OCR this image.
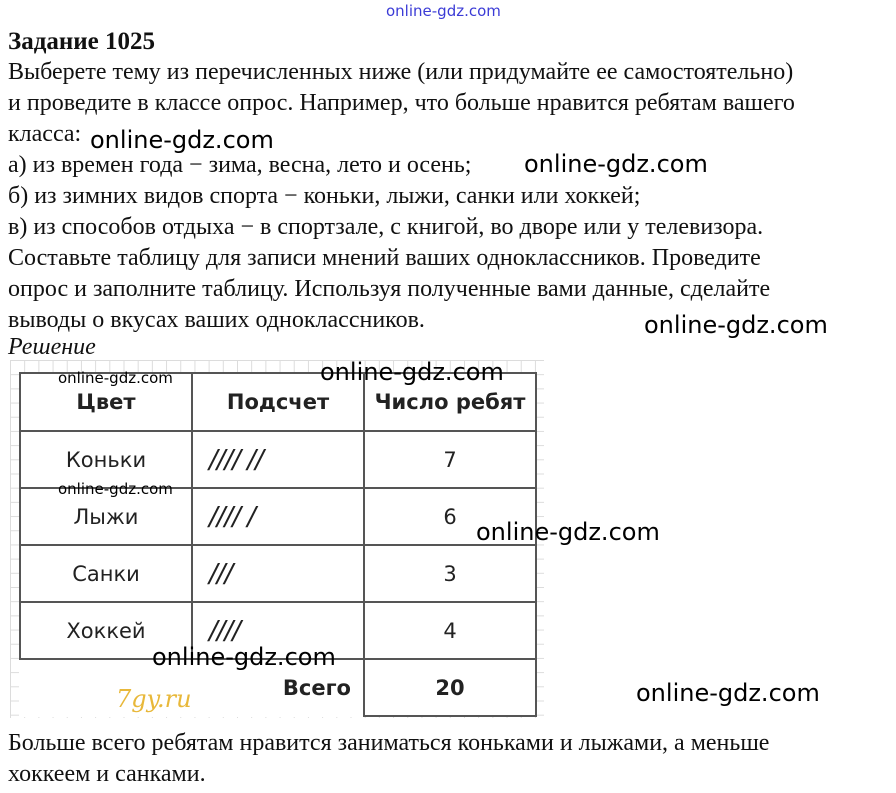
online-gdz.com
Задание 1025
Выберете тему из перечисленных ниже (или придумайте ее самостоятельно)
и проведите в классе опрос. Например, что больше нравится ребятам вашего
класса:
а) из времен года − зима, весна, лето и осень;
б) из зимних видов спорта − коньки, лыжи, санки или хоккей;
в) из способов отдыха − в спортзале, с книгой, во дворе или у телевизора.
Составьте таблицу для записи мнений ваших одноклассников. Проведите
опрос и заполните таблицу. Используя полученные вами данные, сделайте
выводы о вкусах ваших одноклассников.
Решение
Цвет	Подсчет	Число ребят
Коньки	//// //	7
Лыжи	//// /	6
Санки	///	3
Хоккей	////	4
	Всего	20
7gy.ru
Больше всего ребятам нравится заниматься коньками и лыжами, а меньше
хоккеем и санками.
online-gdz.com
online-gdz.com
online-gdz.com
online-gdz.com
online-gdz.com
online-gdz.com
online-gdz.com
online-gdz.com
online-gdz.com
